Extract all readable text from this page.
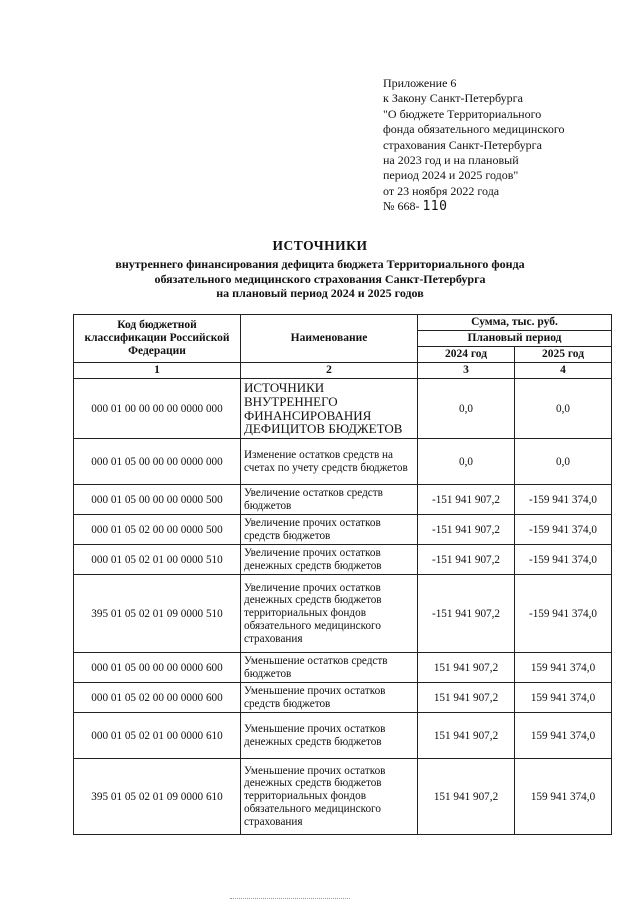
Приложение 6
к Закону Санкт-Петербурга
"О бюджете Территориального
фонда обязательного медицинского
страхования Санкт-Петербурга
на 2023 год и на плановый
период 2024 и 2025 годов"
от 23 ноября 2022 года
№ 668- 110
ИСТОЧНИКИ
внутреннего финансирования дефицита бюджета Территориального фонда
обязательного медицинского страхования Санкт-Петербурга
на плановый период 2024 и 2025 годов
Код бюджетной классификации Российской Федерации	Наименование	Сумма, тыс. руб.	
		Плановый период	
		2024 год	2025 год
1	2	3	4
000 01 00 00 00 00 0000 000	ИСТОЧНИКИ ВНУТРЕННЕГО ФИНАНСИРОВАНИЯ ДЕФИЦИТОВ БЮДЖЕТОВ	0,0	0,0
000 01 05 00 00 00 0000 000	Изменение остатков средств на счетах по учету средств бюджетов	0,0	0,0
000 01 05 00 00 00 0000 500	Увеличение остатков средств бюджетов	-151 941 907,2	-159 941 374,0
000 01 05 02 00 00 0000 500	Увеличение прочих остатков средств бюджетов	-151 941 907,2	-159 941 374,0
000 01 05 02 01 00 0000 510	Увеличение прочих остатков денежных средств бюджетов	-151 941 907,2	-159 941 374,0
395 01 05 02 01 09 0000 510	Увеличение прочих остатков денежных средств бюджетов территориальных фондов обязательного медицинского страхования	-151 941 907,2	-159 941 374,0
000 01 05 00 00 00 0000 600	Уменьшение остатков средств бюджетов	151 941 907,2	159 941 374,0
000 01 05 02 00 00 0000 600	Уменьшение прочих остатков средств бюджетов	151 941 907,2	159 941 374,0
000 01 05 02 01 00 0000 610	Уменьшение прочих остатков денежных средств бюджетов	151 941 907,2	159 941 374,0
395 01 05 02 01 09 0000 610	Уменьшение прочих остатков денежных средств бюджетов территориальных фондов обязательного медицинского страхования	151 941 907,2	159 941 374,0
